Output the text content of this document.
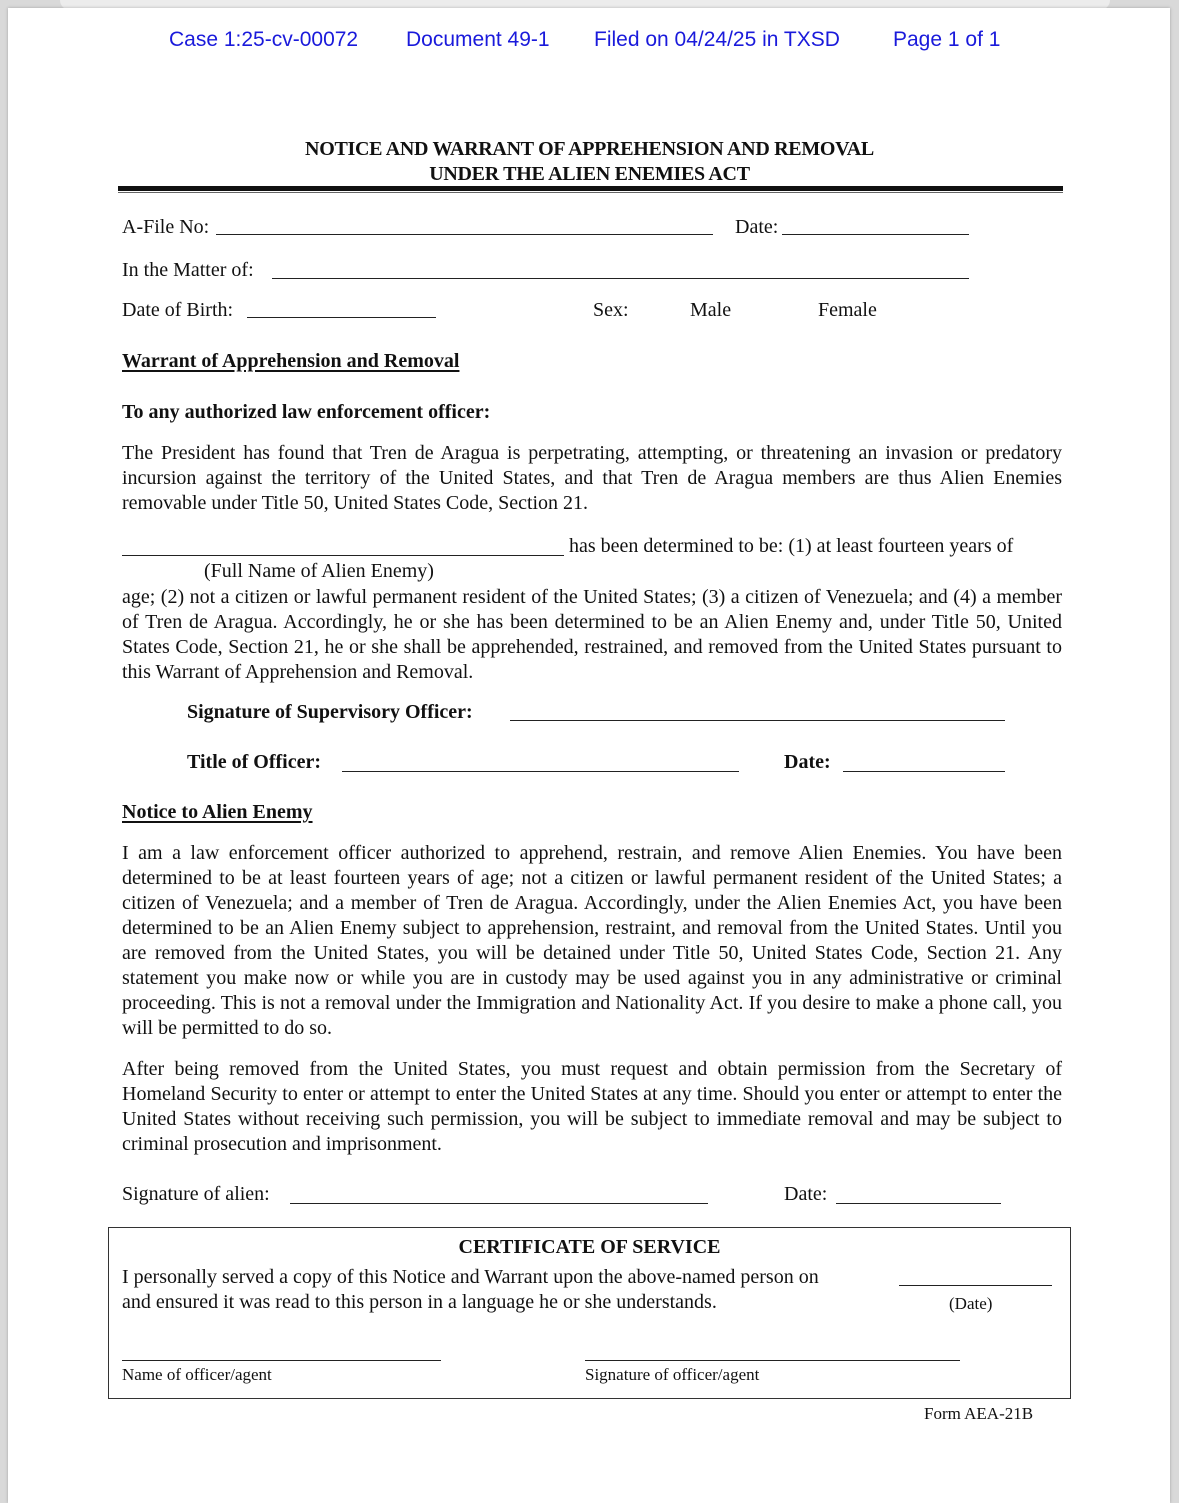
Case 1:25-cv-00072 Document 49-1 Filed on 04/24/25 in TXSD	Page 1 of 1
NOTICE AND WARRANT OF APPREHENSION AND REMOVAL
UNDER THE ALIEN ENEMIES ACT
A-File No:	Date:
In the Matter of:
Date of Birth:	Sex:	Male	Female
Warrant of Apprehension and Removal
To any authorized law enforcement officer:
The President has found that Tren de Aragua is perpetrating, attempting, or threatening an invasion or predatory incursion against the territory of the United States, and that Tren de Aragua members are thus Alien Enemies removable under Title 50, United States Code, Section 21.
has been determined to be: (1) at least fourteen years of
(Full Name of Alien Enemy)
age; (2) not a citizen or lawful permanent resident of the United States; (3) a citizen of Venezuela; and (4) a member of Tren de Aragua. Accordingly, he or she has been determined to be an Alien Enemy and, under Title 50, United States Code, Section 21, he or she shall be apprehended, restrained, and removed from the United States pursuant to this Warrant of Apprehension and Removal.
Signature of Supervisory Officer:
Title of Officer:	Date:
Notice to Alien Enemy
I am a law enforcement officer authorized to apprehend, restrain, and remove Alien Enemies. You have been determined to be at least fourteen years of age; not a citizen or lawful permanent resident of the United States; a citizen of Venezuela; and a member of Tren de Aragua. Accordingly, under the Alien Enemies Act, you have been determined to be an Alien Enemy subject to apprehension, restraint, and removal from the United States. Until you are removed from the United States, you will be detained under Title 50, United States Code, Section 21. Any statement you make now or while you are in custody may be used against you in any administrative or criminal proceeding. This is not a removal under the Immigration and Nationality Act. If you desire to make a phone call, you will be permitted to do so.
After being removed from the United States, you must request and obtain permission from the Secretary of Homeland Security to enter or attempt to enter the United States at any time. Should you enter or attempt to enter the United States without receiving such permission, you will be subject to immediate removal and may be subject to criminal prosecution and imprisonment.
Signature of alien:	Date:
CERTIFICATE OF SERVICE
I personally served a copy of this Notice and Warrant upon the above-named person on
and ensured it was read to this person in a language he or she understands.	(Date)
Name of officer/agent	Signature of officer/agent
Form AEA-21B
